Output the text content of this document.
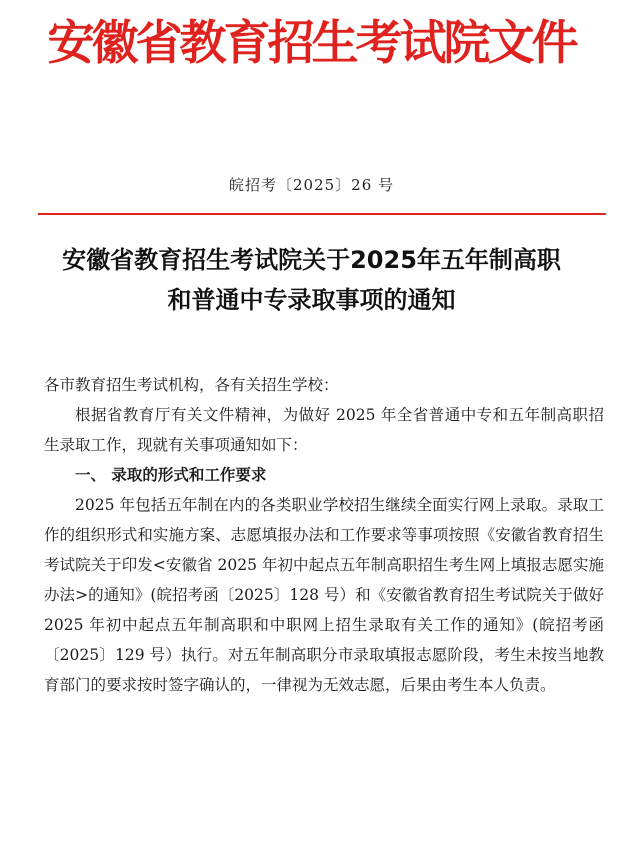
安徽省教育招生考试院文件
皖招考〔2025〕26 号
安徽省教育招生考试院关于2025年五年制高职
和普通中专录取事项的通知

各市教育招生考试机构，各有关招生学校：

根据省教育厅有关文件精神，为做好 2025 年全省普通中专和五年制高职招生录取工作，现就有关事项通知如下：

一、 录取的形式和工作要求

2025 年包括五年制在内的各类职业学校招生继续全面实行网上录取。录取工作的组织形式和实施方案、志愿填报办法和工作要求等事项按照《安徽省教育招生考试院关于印发<安徽省 2025 年初中起点五年制高职招生考生网上填报志愿实施办法>的通知》(皖招考函〔2025〕128 号）和《安徽省教育招生考试院关于做好 2025 年初中起点五年制高职和中职网上招生录取有关工作的通知》(皖招考函〔2025〕129 号）执行。对五年制高职分市录取填报志愿阶段，考生未按当地教育部门的要求按时签字确认的，一律视为无效志愿，后果由考生本人负责。
